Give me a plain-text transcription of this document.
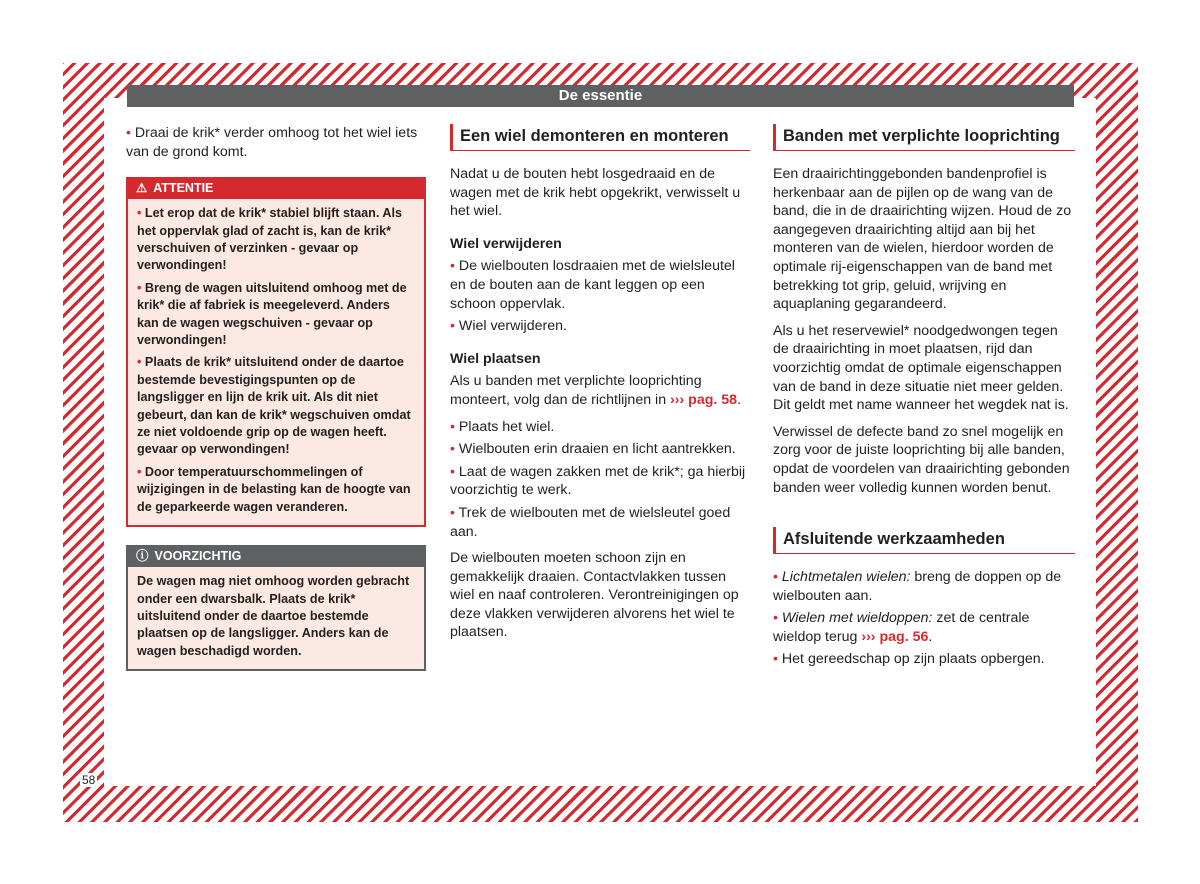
De essentie

• Draai de krik* verder omhoog tot het wiel iets van de grond komt.

⚠ ATTENTIE

• Let erop dat de krik* stabiel blijft staan. Als het oppervlak glad of zacht is, kan de krik* verschuiven of verzinken - gevaar op verwondingen!

• Breng de wagen uitsluitend omhoog met de krik* die af fabriek is meegeleverd. Anders kan de wagen wegschuiven - gevaar op verwondingen!

• Plaats de krik* uitsluitend onder de daartoe bestemde bevestigingspunten op de langsligger en lijn de krik uit. Als dit niet gebeurt, dan kan de krik* wegschuiven omdat ze niet voldoende grip op de wagen heeft. gevaar op verwondingen!

• Door temperatuurschommelingen of wijzigingen in de belasting kan de hoogte van de geparkeerde wagen veranderen.

ⓘ VOORZICHTIG

De wagen mag niet omhoog worden gebracht onder een dwarsbalk. Plaats de krik* uitsluitend onder de daartoe bestemde plaatsen op de langsligger. Anders kan de wagen beschadigd worden.

Een wiel demonteren en monteren

Nadat u de bouten hebt losgedraaid en de wagen met de krik hebt opgekrikt, verwisselt u het wiel.

Wiel verwijderen

• De wielbouten losdraaien met de wielsleutel en de bouten aan de kant leggen op een schoon oppervlak.

• Wiel verwijderen.

Wiel plaatsen

Als u banden met verplichte looprichting monteert, volg dan de richtlijnen in ››› pag. 58.

• Plaats het wiel.

• Wielbouten erin draaien en licht aantrekken.

• Laat de wagen zakken met de krik*; ga hierbij voorzichtig te werk.

• Trek de wielbouten met de wielsleutel goed aan.

De wielbouten moeten schoon zijn en gemakkelijk draaien. Contactvlakken tussen wiel en naaf controleren. Verontreinigingen op deze vlakken verwijderen alvorens het wiel te plaatsen.

Banden met verplichte looprichting

Een draairichtinggebonden bandenprofiel is herkenbaar aan de pijlen op de wang van de band, die in de draairichting wijzen. Houd de zo aangegeven draairichting altijd aan bij het monteren van de wielen, hierdoor worden de optimale rij-eigenschappen van de band met betrekking tot grip, geluid, wrijving en aquaplaning gegarandeerd.

Als u het reservewiel* noodgedwongen tegen de draairichting in moet plaatsen, rijd dan voorzichtig omdat de optimale eigenschappen van de band in deze situatie niet meer gelden. Dit geldt met name wanneer het wegdek nat is.

Verwissel de defecte band zo snel mogelijk en zorg voor de juiste looprichting bij alle banden, opdat de voordelen van draairichting gebonden banden weer volledig kunnen worden benut.

Afsluitende werkzaamheden

• Lichtmetalen wielen: breng de doppen op de wielbouten aan.

• Wielen met wieldoppen: zet de centrale wieldop terug ››› pag. 56.

• Het gereedschap op zijn plaats opbergen.

58
